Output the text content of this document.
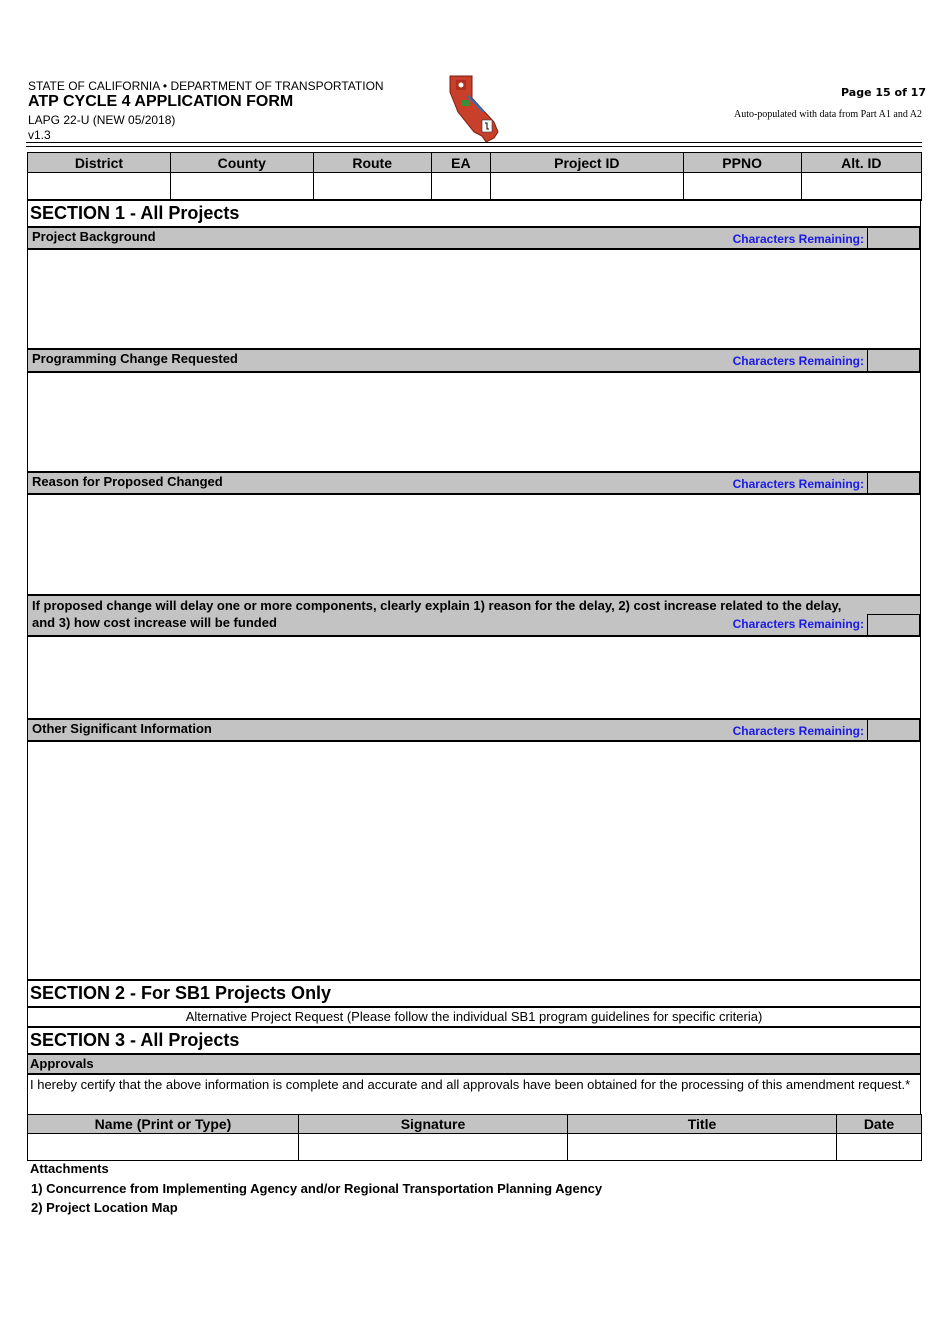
STATE OF CALIFORNIA • DEPARTMENT OF TRANSPORTATION
ATP CYCLE 4 APPLICATION FORM
LAPG 22-U (NEW 05/2018)
v1.3
Page 15 of 17
Auto-populated with data from Part A1 and A2
District	County	Route	EA	Project ID	PPNO	Alt. ID

SECTION 1 - All Projects
Project Background	Characters Remaining:
Programming Change Requested	Characters Remaining:
Reason for Proposed Changed	Characters Remaining:
If proposed change will delay one or more components, clearly explain 1) reason for the delay, 2) cost increase related to the delay,
and 3) how cost increase will be funded	Characters Remaining:
Other Significant Information	Characters Remaining:
SECTION 2 - For SB1 Projects Only
Alternative Project Request (Please follow the individual SB1 program guidelines for specific criteria)
SECTION 3 - All Projects
Approvals
I hereby certify that the above information is complete and accurate and all approvals have been obtained for the processing of this amendment request.*
Name (Print or Type)	Signature	Title	Date

Attachments
1) Concurrence from Implementing Agency and/or Regional Transportation Planning Agency
2) Project Location Map
